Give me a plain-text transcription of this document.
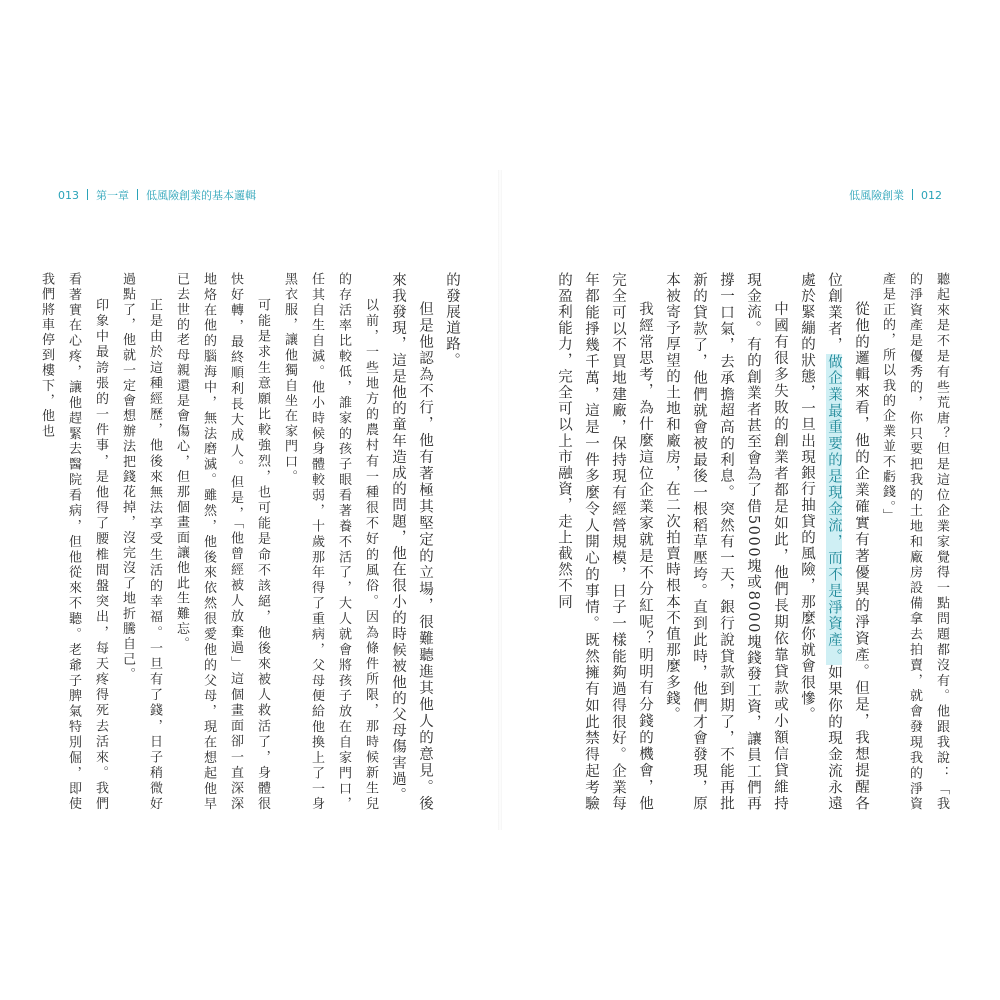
013 第一章 低風險創業的基本邏輯

的發展道路。

但是他認為不行，他有著極其堅定的立場，很難聽進其他人的意見。後來我發現，這是他的童年造成的問題，他在很小的時候被他的父母傷害過。

以前，一些地方的農村有一種很不好的風俗。因為條件所限，那時候新生兒的存活率比較低，誰家的孩子眼看著養不活了，大人就會將孩子放在自家門口，任其自生自滅。他小時候身體較弱，十歲那年得了重病，父母便給他換上了一身黑衣服，讓他獨自坐在家門口。

可能是求生意願比較強烈，也可能是命不該絕，他後來被人救活了，身體很快好轉，最終順利長大成人。但是，「他曾經被人放棄過」這個畫面卻一直深深地烙在他的腦海中，無法磨滅。雖然，他後來依然很愛他的父母，現在想起他早已去世的老母親還是會傷心，但那個畫面讓他此生難忘。

正是由於這種經歷，他後來無法享受生活的幸福。一旦有了錢，日子稍微好過點了，他就一定會想辦法把錢花掉，沒完沒了地折騰自己。

印象中最誇張的一件事，是他得了腰椎間盤突出，每天疼得死去活來。我們看著實在心疼，讓他趕緊去醫院看病，但他從來不聽。老爺子脾氣特別倔，即使我們將車停到樓下，他也

低風險創業 012

聽起來是不是有些荒唐？但是這位企業家覺得一點問題都沒有。他跟我說：「我的淨資產是優秀的，你只要把我的土地和廠房設備拿去拍賣，就會發現我的淨資產是正的，所以我的企業並不虧錢。」

從他的邏輯來看，他的企業確實有著優異的淨資產。但是，我想提醒各位創業者，做企業最重要的是現金流，而不是淨資產。如果你的現金流永遠處於緊繃的狀態，一旦出現銀行抽貸的風險，那麼你就會很慘。

中國有很多失敗的創業者都是如此，他們長期依靠貸款或小額信貸維持現金流。有的創業者甚至會為了借5000塊或8000塊錢發工資，讓員工們再撐一口氣，去承擔超高的利息。突然有一天，銀行說貸款到期了，不能再批新的貸款了，他們就會被最後一根稻草壓垮。直到此時，他們才會發現，原本被寄予厚望的土地和廠房，在二次拍賣時根本不值那麼多錢。

我經常思考，為什麼這位企業家就是不分紅呢？明明有分錢的機會，他完全可以不買地建廠，保持現有經營規模，日子一樣能夠過得很好。企業每年都能掙幾千萬，這是一件多麼令人開心的事情。既然擁有如此禁得起考驗的盈利能力，完全可以上市融資，走上截然不同
